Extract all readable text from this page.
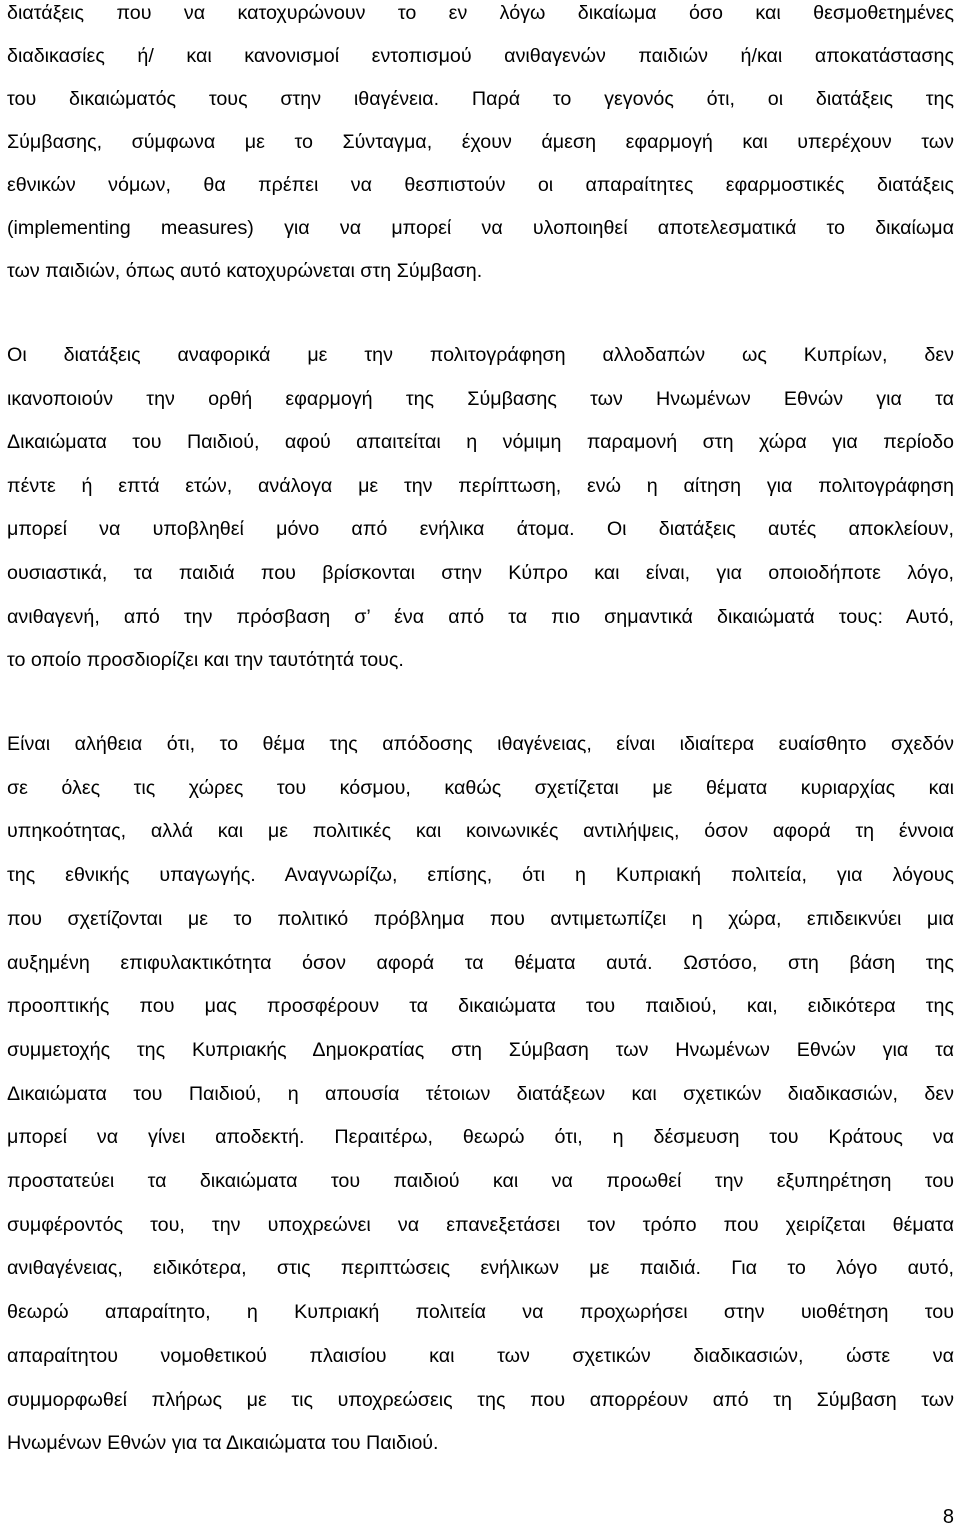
διατάξεις που να κατοχυρώνουν το εν λόγω δικαίωμα όσο και θεσμοθετημένες
διαδικασίες ή/ και κανονισμοί εντοπισμού ανιθαγενών παιδιών ή/και αποκατάστασης
του δικαιώματός τους στην ιθαγένεια. Παρά το γεγονός ότι, οι διατάξεις της
Σύμβασης, σύμφωνα με το Σύνταγμα, έχουν άμεση εφαρμογή και υπερέχουν των
εθνικών νόμων, θα πρέπει να θεσπιστούν οι απαραίτητες εφαρμοστικές διατάξεις
(implementing measures) για να μπορεί να υλοποιηθεί αποτελεσματικά το δικαίωμα
των παιδιών, όπως αυτό κατοχυρώνεται στη Σύμβαση.
Οι διατάξεις αναφορικά με την πολιτογράφηση αλλοδαπών ως Κυπρίων, δεν
ικανοποιούν την ορθή εφαρμογή της Σύμβασης των Ηνωμένων Εθνών για τα
Δικαιώματα του Παιδιού, αφού απαιτείται η νόμιμη παραμονή στη χώρα για περίοδο
πέντε ή επτά ετών, ανάλογα με την περίπτωση, ενώ η αίτηση για πολιτογράφηση
μπορεί να υποβληθεί μόνο από ενήλικα άτομα. Οι διατάξεις αυτές αποκλείουν,
ουσιαστικά, τα παιδιά που βρίσκονται στην Κύπρο και είναι, για οποιοδήποτε λόγο,
ανιθαγενή, από την πρόσβαση σ’ ένα από τα πιο σημαντικά δικαιώματά τους: Αυτό,
το οποίο προσδιορίζει και την ταυτότητά τους.
Είναι αλήθεια ότι, το θέμα της απόδοσης ιθαγένειας, είναι ιδιαίτερα ευαίσθητο σχεδόν
σε όλες τις χώρες του κόσμου, καθώς σχετίζεται με θέματα κυριαρχίας και
υπηκοότητας, αλλά και με πολιτικές και κοινωνικές αντιλήψεις, όσον αφορά τη έννοια
της εθνικής υπαγωγής. Αναγνωρίζω, επίσης, ότι η Κυπριακή πολιτεία, για λόγους
που σχετίζονται με το πολιτικό πρόβλημα που αντιμετωπίζει η χώρα, επιδεικνύει μια
αυξημένη επιφυλακτικότητα όσον αφορά τα θέματα αυτά. Ωστόσο, στη βάση της
προοπτικής που μας προσφέρουν τα δικαιώματα του παιδιού, και, ειδικότερα της
συμμετοχής της Κυπριακής Δημοκρατίας στη Σύμβαση των Ηνωμένων Εθνών για τα
Δικαιώματα του Παιδιού, η απουσία τέτοιων διατάξεων και σχετικών διαδικασιών, δεν
μπορεί να γίνει αποδεκτή. Περαιτέρω, θεωρώ ότι, η δέσμευση του Κράτους να
προστατεύει τα δικαιώματα του παιδιού και να προωθεί την εξυπηρέτηση του
συμφέροντός του, την υποχρεώνει να επανεξετάσει τον τρόπο που χειρίζεται θέματα
ανιθαγένειας, ειδικότερα, στις περιπτώσεις ενήλικων με παιδιά. Για το λόγο αυτό,
θεωρώ απαραίτητο, η Κυπριακή πολιτεία να προχωρήσει στην υιοθέτηση του
απαραίτητου νομοθετικού πλαισίου και των σχετικών διαδικασιών, ώστε να
συμμορφωθεί πλήρως με τις υποχρεώσεις της που απορρέουν από τη Σύμβαση των
Ηνωμένων Εθνών για τα Δικαιώματα του Παιδιού.
8
